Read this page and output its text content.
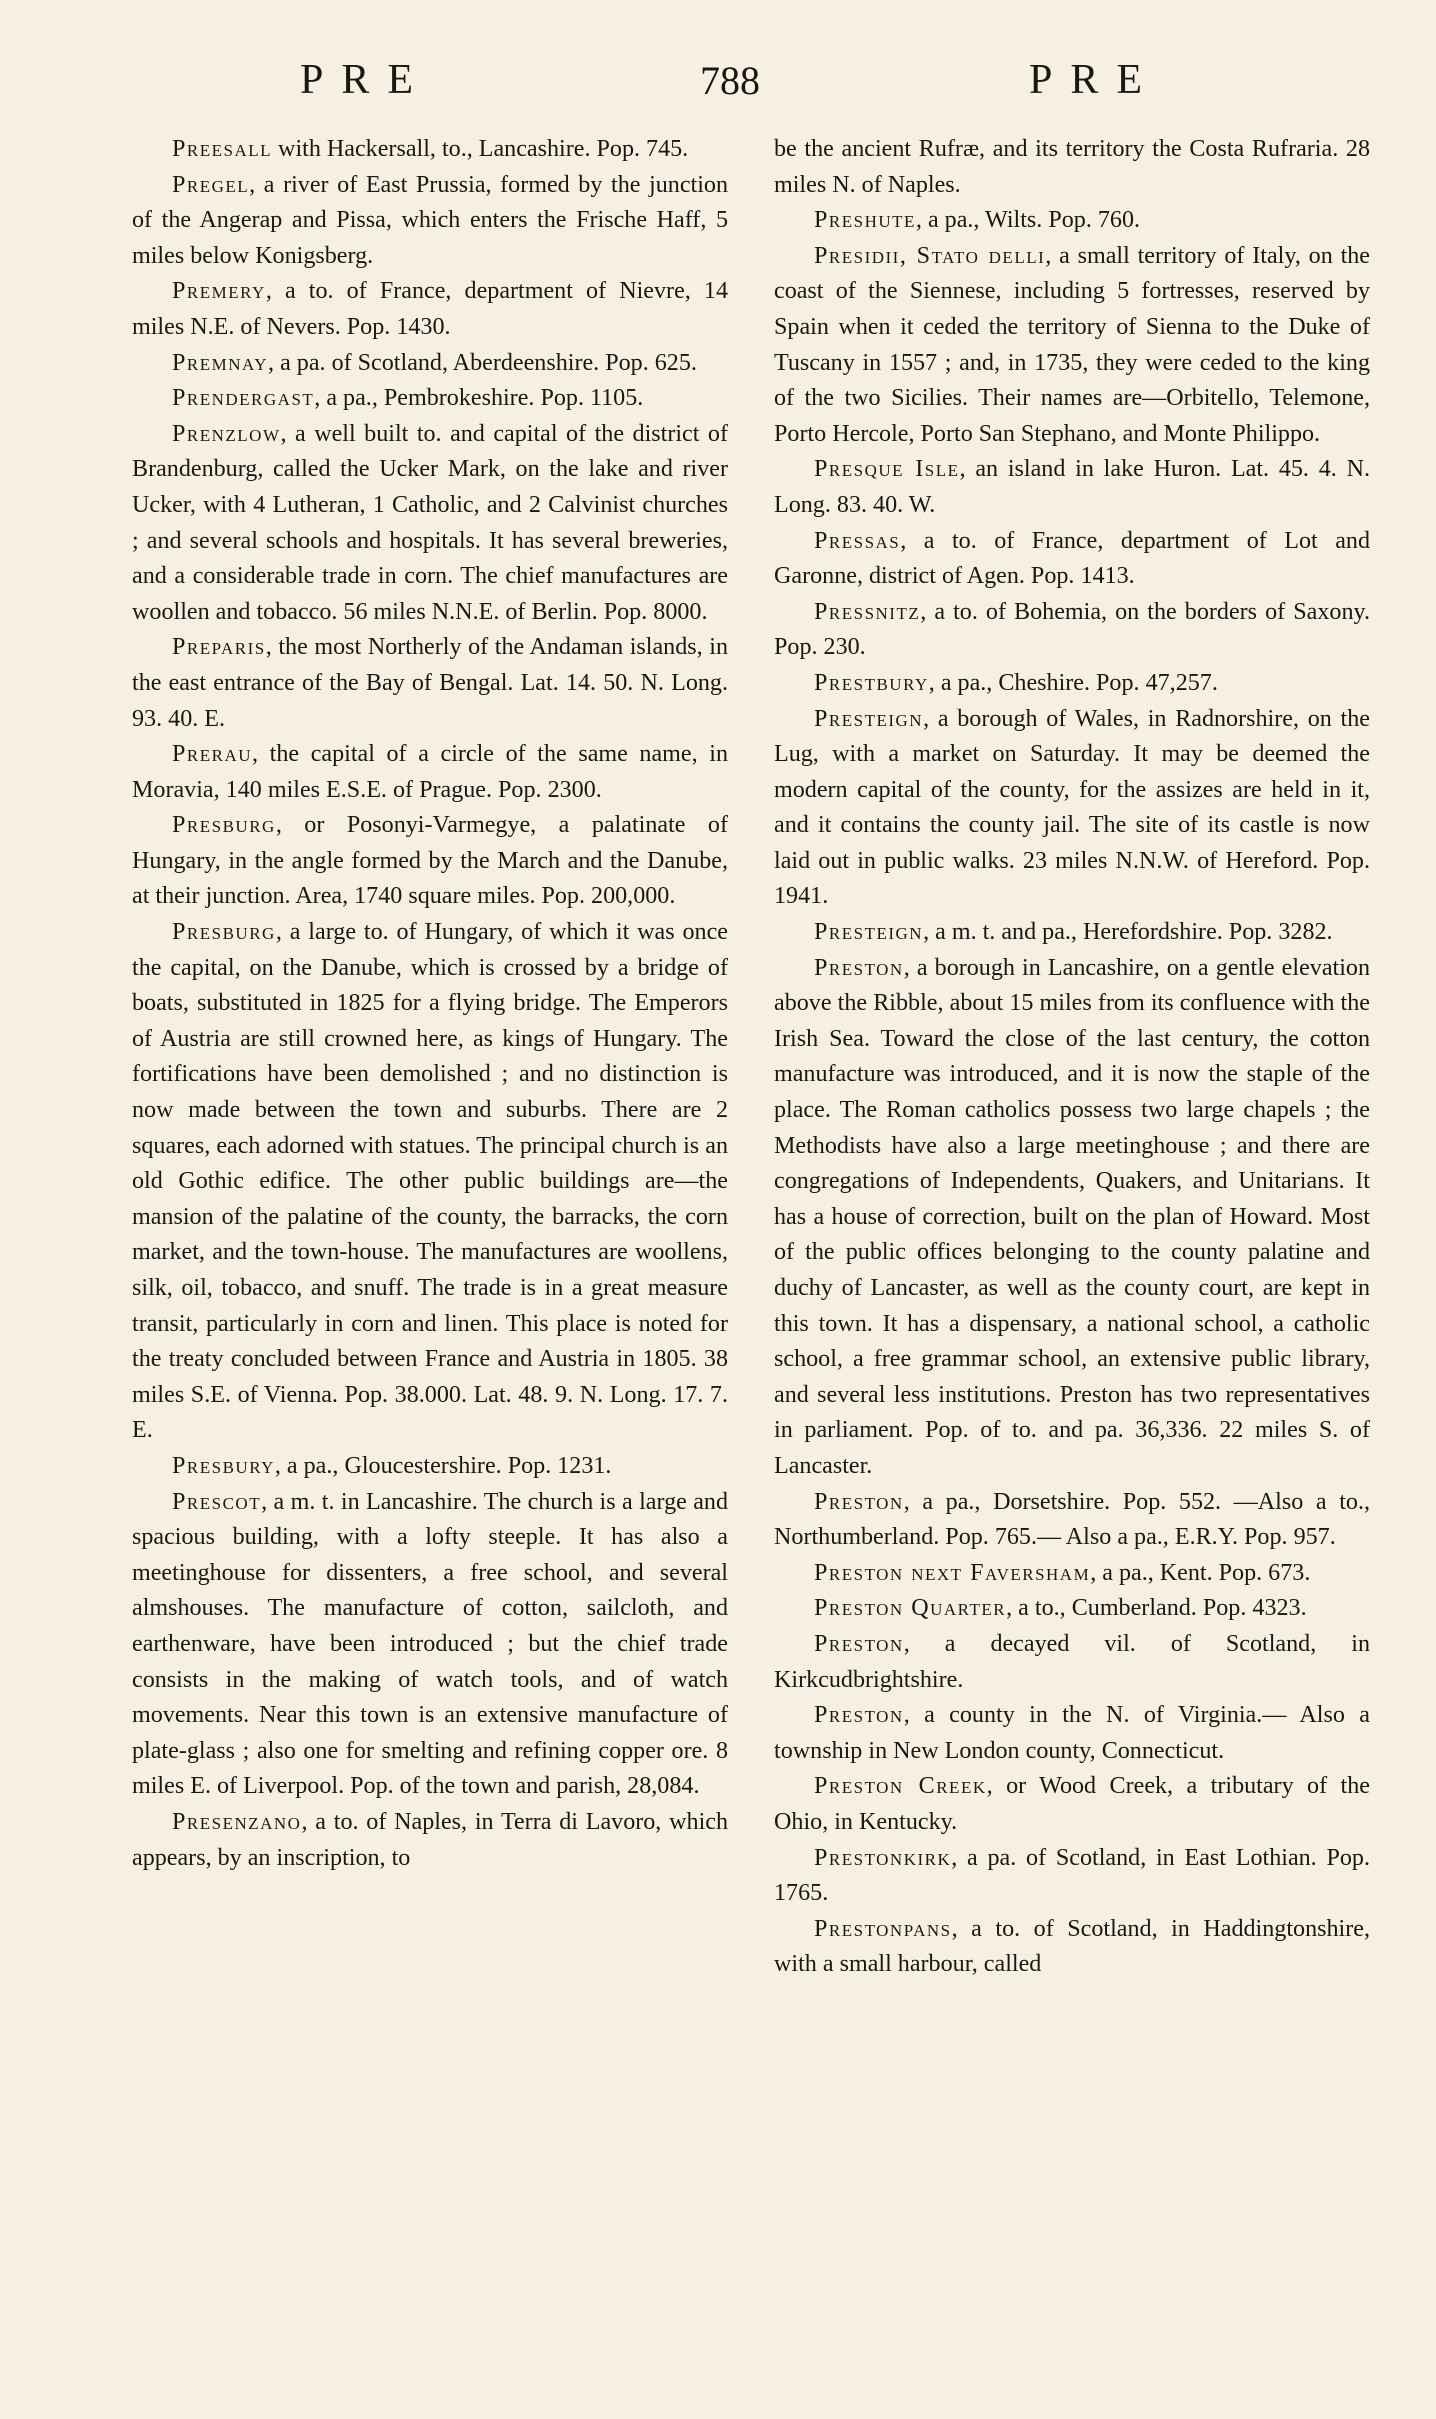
PRE	788	PRE

Preesall with Hackersall, to., Lancashire. Pop. 745.

Pregel, a river of East Prussia, formed by the junction of the Angerap and Pissa, which enters the Frische Haff, 5 miles below Konigsberg.

Premery, a to. of France, department of Nievre, 14 miles N.E. of Nevers. Pop. 1430.

Premnay, a pa. of Scotland, Aberdeenshire. Pop. 625.

Prendergast, a pa., Pembrokeshire. Pop. 1105.

Prenzlow, a well built to. and capital of the district of Brandenburg, called the Ucker Mark, on the lake and river Ucker, with 4 Lutheran, 1 Catholic, and 2 Calvinist churches ; and several schools and hospitals. It has several breweries, and a considerable trade in corn. The chief manufactures are woollen and tobacco. 56 miles N.N.E. of Berlin. Pop. 8000.

Preparis, the most Northerly of the Andaman islands, in the east entrance of the Bay of Bengal. Lat. 14. 50. N. Long. 93. 40. E.

Prerau, the capital of a circle of the same name, in Moravia, 140 miles E.S.E. of Prague. Pop. 2300.

Presburg, or Posonyi-Varmegye, a palatinate of Hungary, in the angle formed by the March and the Danube, at their junction. Area, 1740 square miles. Pop. 200,000.

Presburg, a large to. of Hungary, of which it was once the capital, on the Danube, which is crossed by a bridge of boats, substituted in 1825 for a flying bridge. The Emperors of Austria are still crowned here, as kings of Hungary. The fortifications have been demolished ; and no distinction is now made between the town and suburbs. There are 2 squares, each adorned with statues. The principal church is an old Gothic edifice. The other public buildings are—the mansion of the palatine of the county, the barracks, the corn market, and the town-house. The manufactures are woollens, silk, oil, tobacco, and snuff. The trade is in a great measure transit, particularly in corn and linen. This place is noted for the treaty concluded between France and Austria in 1805. 38 miles S.E. of Vienna. Pop. 38.000. Lat. 48. 9. N. Long. 17. 7. E.

Presbury, a pa., Gloucestershire. Pop. 1231.

Prescot, a m. t. in Lancashire. The church is a large and spacious building, with a lofty steeple. It has also a meetinghouse for dissenters, a free school, and several almshouses. The manufacture of cotton, sailcloth, and earthenware, have been introduced ; but the chief trade consists in the making of watch tools, and of watch movements. Near this town is an extensive manufacture of plate-glass ; also one for smelting and refining copper ore. 8 miles E. of Liverpool. Pop. of the town and parish, 28,084.

Presenzano, a to. of Naples, in Terra di Lavoro, which appears, by an inscription, to

be the ancient Rufræ, and its territory the Costa Rufraria. 28 miles N. of Naples.

Preshute, a pa., Wilts. Pop. 760.

Presidii, Stato delli, a small territory of Italy, on the coast of the Siennese, including 5 fortresses, reserved by Spain when it ceded the territory of Sienna to the Duke of Tuscany in 1557 ; and, in 1735, they were ceded to the king of the two Sicilies. Their names are—Orbitello, Telemone, Porto Hercole, Porto San Stephano, and Monte Philippo.

Presque Isle, an island in lake Huron. Lat. 45. 4. N. Long. 83. 40. W.

Pressas, a to. of France, department of Lot and Garonne, district of Agen. Pop. 1413.

Pressnitz, a to. of Bohemia, on the borders of Saxony. Pop. 230.

Prestbury, a pa., Cheshire. Pop. 47,257.

Presteign, a borough of Wales, in Radnorshire, on the Lug, with a market on Saturday. It may be deemed the modern capital of the county, for the assizes are held in it, and it contains the county jail. The site of its castle is now laid out in public walks. 23 miles N.N.W. of Hereford. Pop. 1941.

Presteign, a m. t. and pa., Herefordshire. Pop. 3282.

Preston, a borough in Lancashire, on a gentle elevation above the Ribble, about 15 miles from its confluence with the Irish Sea. Toward the close of the last century, the cotton manufacture was introduced, and it is now the staple of the place. The Roman catholics possess two large chapels ; the Methodists have also a large meetinghouse ; and there are congregations of Independents, Quakers, and Unitarians. It has a house of correction, built on the plan of Howard. Most of the public offices belonging to the county palatine and duchy of Lancaster, as well as the county court, are kept in this town. It has a dispensary, a national school, a catholic school, a free grammar school, an extensive public library, and several less institutions. Preston has two representatives in parliament. Pop. of to. and pa. 36,336. 22 miles S. of Lancaster.

Preston, a pa., Dorsetshire. Pop. 552. —Also a to., Northumberland. Pop. 765.— Also a pa., E.R.Y. Pop. 957.

Preston next Faversham, a pa., Kent. Pop. 673.

Preston Quarter, a to., Cumberland. Pop. 4323.

Preston, a decayed vil. of Scotland, in Kirkcudbrightshire.

Preston, a county in the N. of Virginia.— Also a township in New London county, Connecticut.

Preston Creek, or Wood Creek, a tributary of the Ohio, in Kentucky.

Prestonkirk, a pa. of Scotland, in East Lothian. Pop. 1765.

Prestonpans, a to. of Scotland, in Haddingtonshire, with a small harbour, called
